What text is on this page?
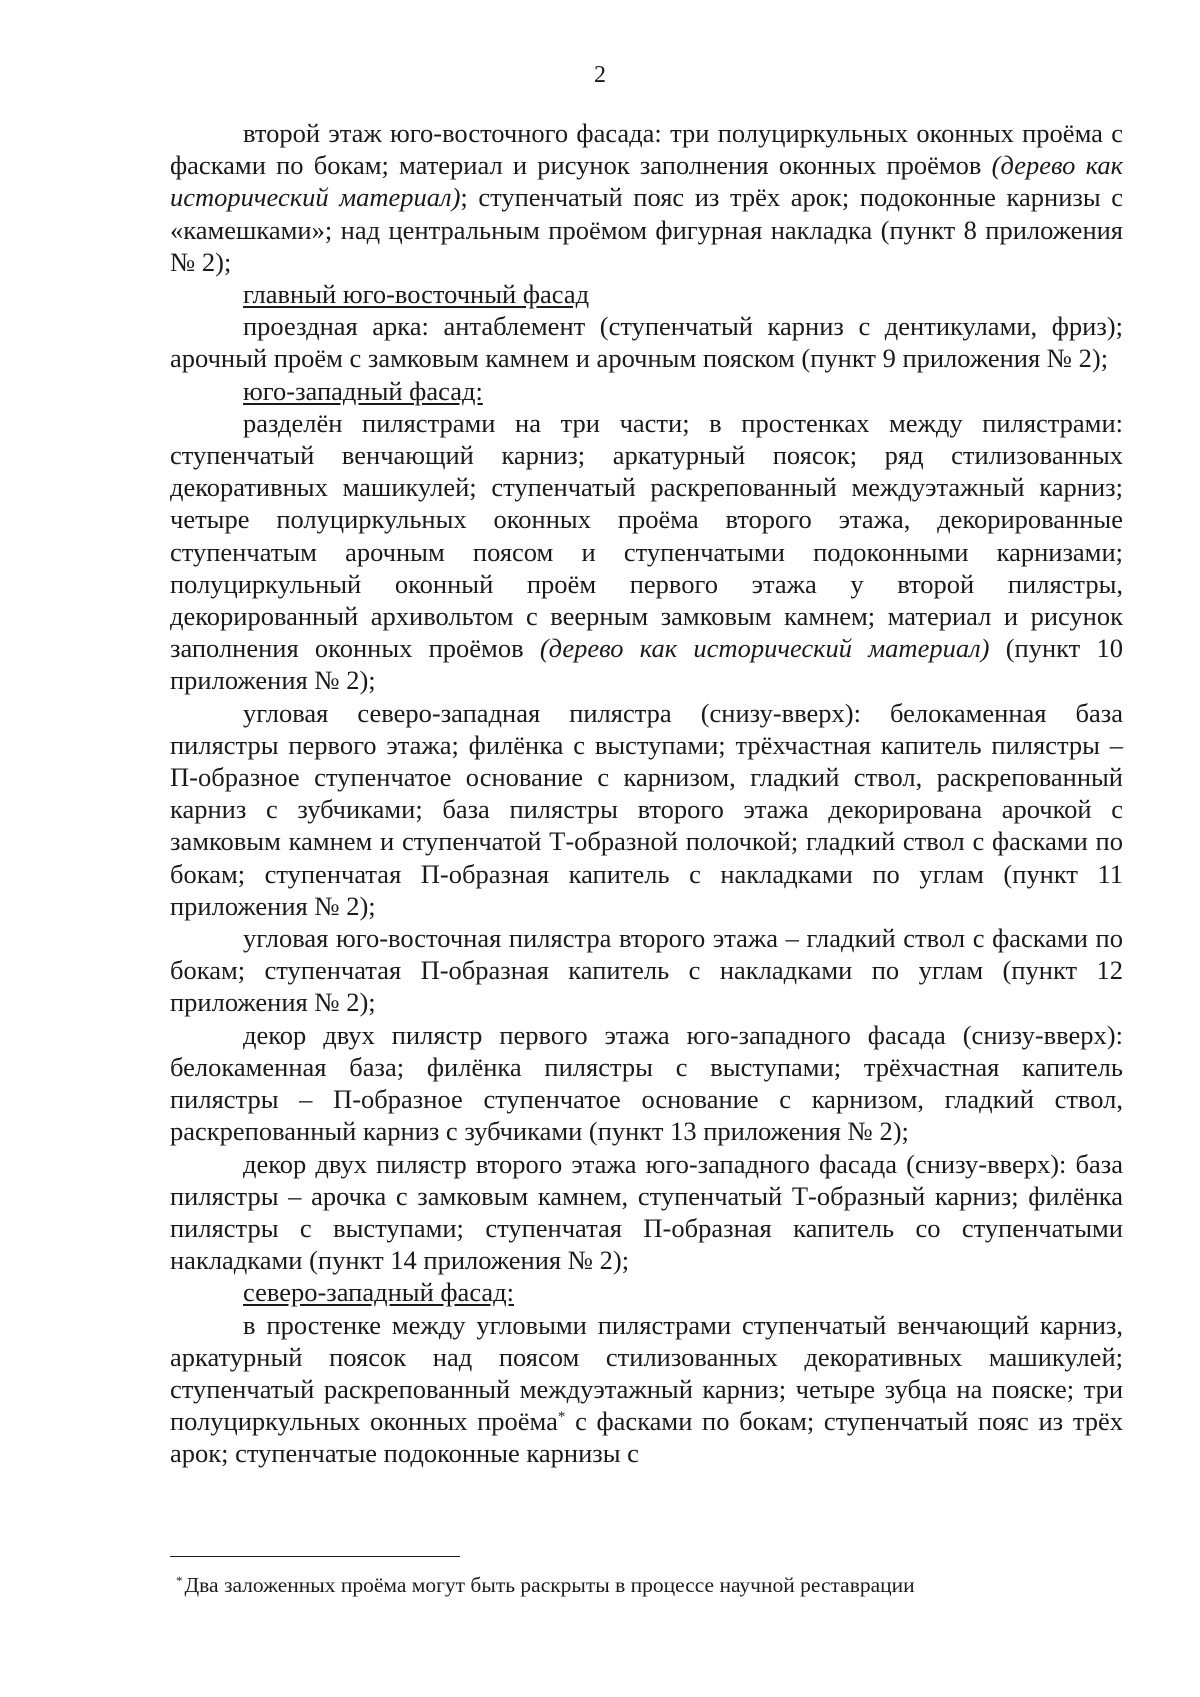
2

второй этаж юго-восточного фасада: три полуциркульных оконных проёма с фасками по бокам; материал и рисунок заполнения оконных проёмов (дерево как исторический материал); ступенчатый пояс из трёх арок; подоконные карнизы с «камешками»; над центральным проёмом фигурная накладка (пункт 8 приложения № 2);

главный юго-восточный фасад

проездная арка: антаблемент (ступенчатый карниз с дентикулами, фриз); арочный проём с замковым камнем и арочным пояском (пункт 9 приложения № 2);

юго-западный фасад:

разделён пилястрами на три части; в простенках между пилястрами: ступенчатый венчающий карниз; аркатурный поясок; ряд стилизованных декоративных машикулей; ступенчатый раскрепованный междуэтажный карниз; четыре полуциркульных оконных проёма второго этажа, декорированные ступенчатым арочным поясом и ступенчатыми подоконными карнизами; полуциркульный оконный проём первого этажа у второй пилястры, декорированный архивольтом с веерным замковым камнем; материал и рисунок заполнения оконных проёмов (дерево как исторический материал) (пункт 10 приложения № 2);

угловая северо-западная пилястра (снизу-вверх): белокаменная база пилястры первого этажа; филёнка с выступами; трёхчастная капитель пилястры – П-образное ступенчатое основание с карнизом, гладкий ствол, раскрепованный карниз с зубчиками; база пилястры второго этажа декорирована арочкой с замковым камнем и ступенчатой Т-образной полочкой; гладкий ствол с фасками по бокам; ступенчатая П-образная капитель с накладками по углам (пункт 11 приложения № 2);

угловая юго-восточная пилястра второго этажа – гладкий ствол с фасками по бокам; ступенчатая П-образная капитель с накладками по углам (пункт 12 приложения № 2);

декор двух пилястр первого этажа юго-западного фасада (снизу-вверх): белокаменная база; филёнка пилястры с выступами; трёхчастная капитель пилястры – П-образное ступенчатое основание с карнизом, гладкий ствол, раскрепованный карниз с зубчиками (пункт 13 приложения № 2);

декор двух пилястр второго этажа юго-западного фасада (снизу-вверх): база пилястры – арочка с замковым камнем, ступенчатый Т-образный карниз; филёнка пилястры с выступами; ступенчатая П-образная капитель со ступенчатыми накладками (пункт 14 приложения № 2);

северо-западный фасад:

в простенке между угловыми пилястрами ступенчатый венчающий карниз, аркатурный поясок над поясом стилизованных декоративных машикулей; ступенчатый раскрепованный междуэтажный карниз; четыре зубца на пояске; три полуциркульных оконных проёма* с фасками по бокам; ступенчатый пояс из трёх арок; ступенчатые подоконные карнизы с

*Два заложенных проёма могут быть раскрыты в процессе научной реставрации
